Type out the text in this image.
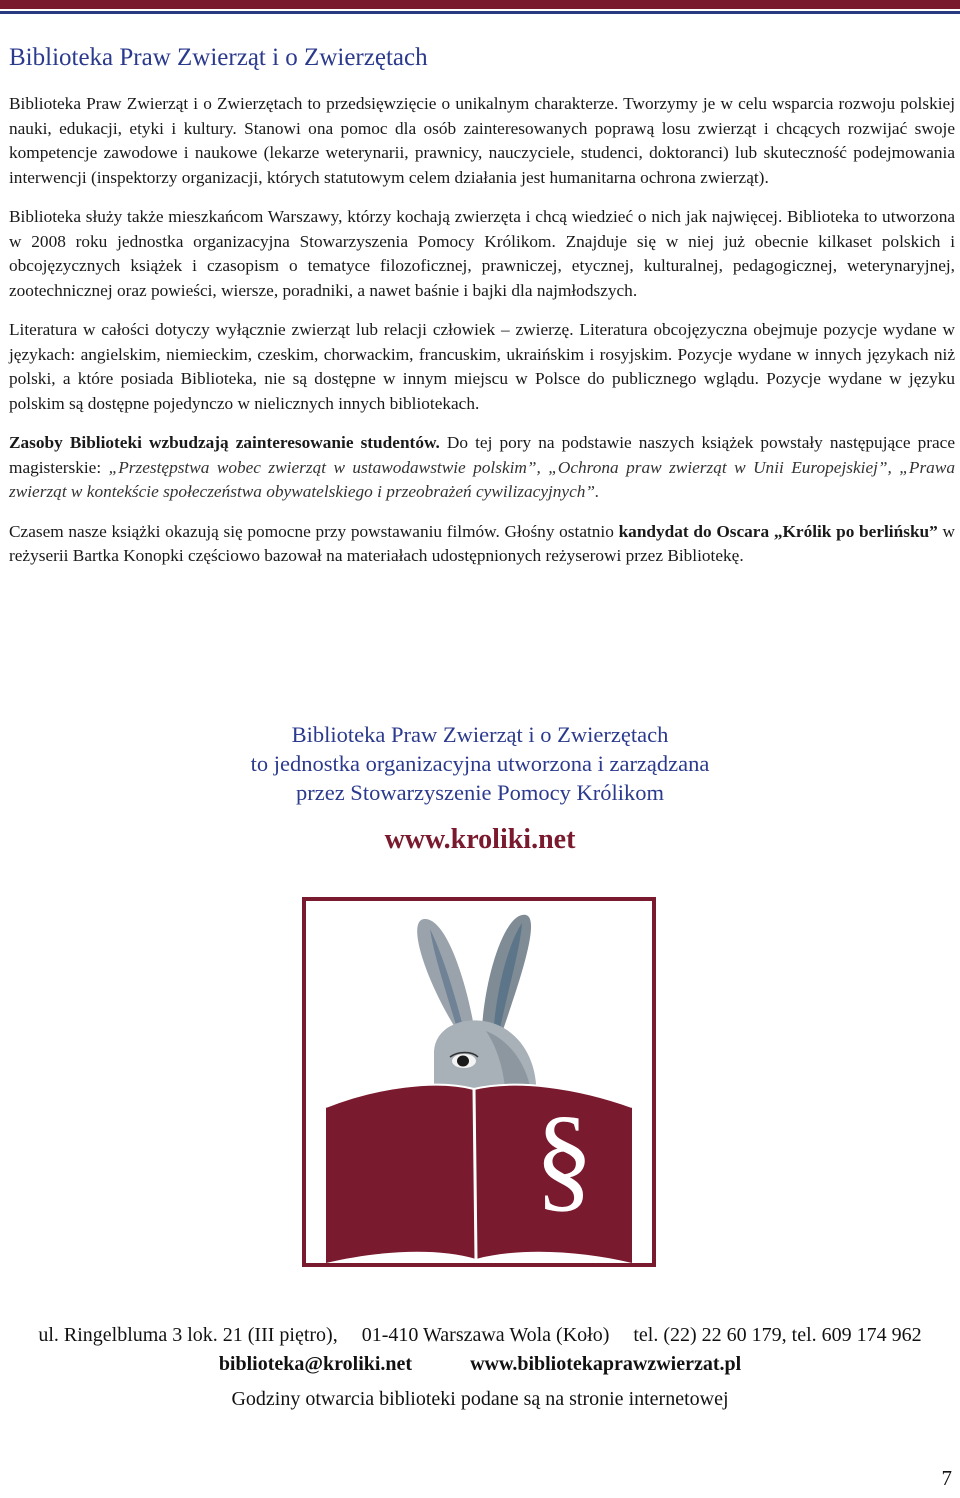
Biblioteka Praw Zwierząt i o Zwierzętach

Biblioteka Praw Zwierząt i o Zwierzętach to przedsięwzięcie o unikalnym charakterze. Tworzymy je w celu wsparcia rozwoju polskiej nauki, edukacji, etyki i kultury. Stanowi ona pomoc dla osób zainteresowanych poprawą losu zwierząt i chcących rozwijać swoje kompetencje zawodowe i naukowe (lekarze weterynarii, prawnicy, nauczyciele, studenci, doktoranci) lub skuteczność podejmowania interwencji (inspektorzy organizacji, których statutowym celem działania jest humanitarna ochrona zwierząt).

Biblioteka służy także mieszkańcom Warszawy, którzy kochają zwierzęta i chcą wiedzieć o nich jak najwięcej. Biblioteka to utworzona w 2008 roku jednostka organizacyjna Stowarzyszenia Pomocy Królikom. Znajduje się w niej już obecnie kilkaset polskich i obcojęzycznych książek i czasopism o tematyce filozoficznej, prawniczej, etycznej, kulturalnej, pedagogicznej, weterynaryjnej, zootechnicznej oraz powieści, wiersze, poradniki, a nawet baśnie i bajki dla najmłodszych.

Literatura w całości dotyczy wyłącznie zwierząt lub relacji człowiek – zwierzę. Literatura obcojęzyczna obejmuje pozycje wydane w językach: angielskim, niemieckim, czeskim, chorwackim, francuskim, ukraińskim i rosyjskim. Pozycje wydane w innych językach niż polski, a które posiada Biblioteka, nie są dostępne w innym miejscu w Polsce do publicznego wglądu. Pozycje wydane w języku polskim są dostępne pojedynczo w nielicznych innych bibliotekach.

Zasoby Biblioteki wzbudzają zainteresowanie studentów. Do tej pory na podstawie naszych książek powstały następujące prace magisterskie: „Przestępstwa wobec zwierząt w ustawodawstwie polskim”, „Ochrona praw zwierząt w Unii Europejskiej”, „Prawa zwierząt w kontekście społeczeństwa obywatelskiego i przeobrażeń cywilizacyjnych”.

Czasem nasze książki okazują się pomocne przy powstawaniu filmów. Głośny ostatnio kandydat do Oscara „Królik po berlińsku” w reżyserii Bartka Konopki częściowo bazował na materiałach udostępnionych reżyserowi przez Bibliotekę.

Biblioteka Praw Zwierząt i o Zwierzętach
to jednostka organizacyjna utworzona i zarządzana
przez Stowarzyszenie Pomocy Królikom
www.kroliki.net
§
ul. Ringelbluma 3 lok. 21 (III piętro), 01-410 Warszawa Wola (Koło) tel. (22) 22 60 179, tel. 609 174 962
biblioteka@kroliki.net	www.bibliotekaprawzwierzat.pl
Godziny otwarcia biblioteki podane są na stronie internetowej
7
